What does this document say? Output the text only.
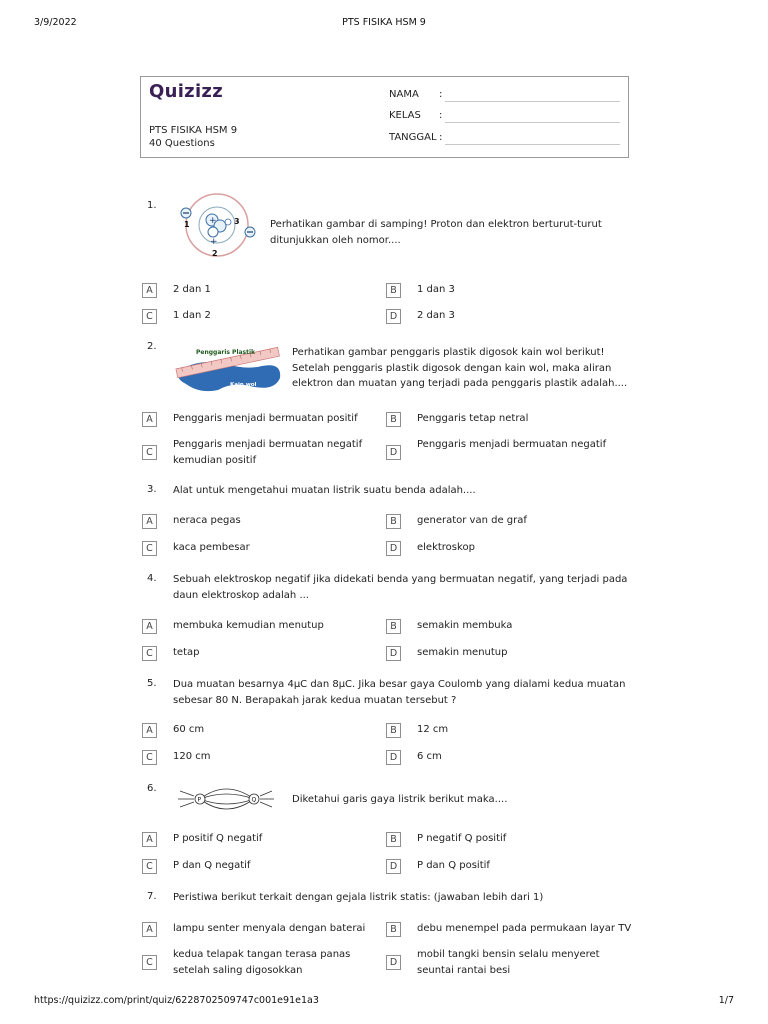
3/9/2022	PTS FISIKA HSM 9
Quizizz
PTS FISIKA HSM 9
40 Questions
NAMA :
KELAS :
TANGGAL :
1.
+
+
1
2
3	Perhatikan gambar di samping! Proton dan elektron berturut-turut
ditunjukkan oleh nomor....
A	2 dan 1	B	1 dan 3
C	1 dan 2	D	2 dan 3
2.
Penggaris Plastik
Kain wol
Perhatikan gambar penggaris plastik digosok kain wol berikut!
Setelah penggaris plastik digosok dengan kain wol, maka aliran
elektron dan muatan yang terjadi pada penggaris plastik adalah....
A	Penggaris menjadi bermuatan positif	B	Penggaris tetap netral
C
Penggaris menjadi bermuatan negatif
kemudian positif
D
Penggaris menjadi bermuatan negatif
3. Alat untuk mengetahui muatan listrik suatu benda adalah....
A	neraca pegas	B	generator van de graf
C	kaca pembesar	D	elektroskop
4. Sebuah elektroskop negatif jika didekati benda yang bermuatan negatif, yang terjadi pada
daun elektroskop adalah ...
A	membuka kemudian menutup	B	semakin membuka
C	tetap	D	semakin menutup
5. Dua muatan besarnya 4μC dan 8μC. Jika besar gaya Coulomb yang dialami kedua muatan
sebesar 80 N. Berapakah jarak kedua muatan tersebut ?
A	60 cm	B	12 cm
C	120 cm	D	6 cm
6.
P	Q	Diketahui garis gaya listrik berikut maka....
A	P positif Q negatif	B	P negatif Q positif
C	P dan Q negatif	D	P dan Q positif
7. Peristiwa berikut terkait dengan gejala listrik statis: (jawaban lebih dari 1)
A	lampu senter menyala dengan baterai	B	debu menempel pada permukaan layar TV
C
kedua telapak tangan terasa panas
setelah saling digosokkan
D
mobil tangki bensin selalu menyeret
seuntai rantai besi
https://quizizz.com/print/quiz/6228702509747c001e91e1a3	1/7
